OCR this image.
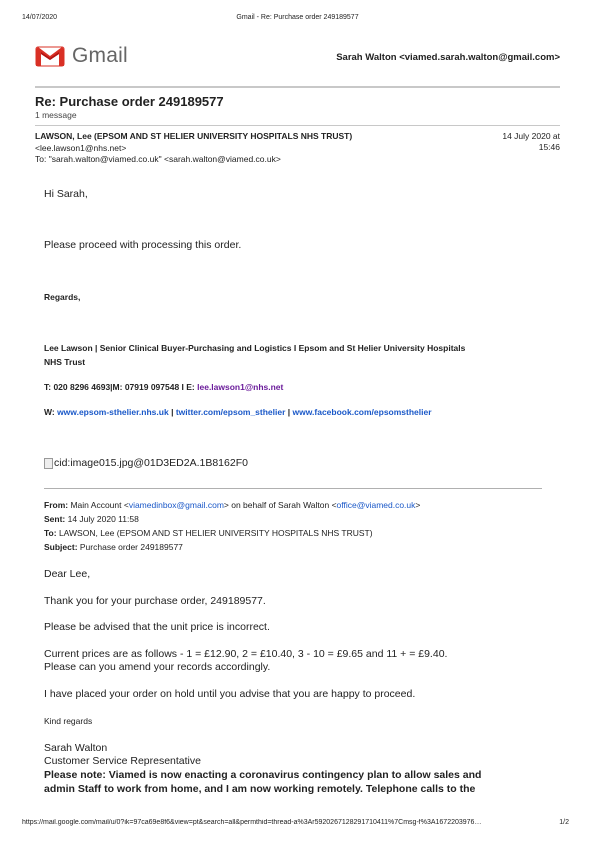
14/07/2020	Gmail - Re: Purchase order 249189577
Gmail	Sarah Walton <viamed.sarah.walton@gmail.com>
Re: Purchase order 249189577
1 message
LAWSON, Lee (EPSOM AND ST HELIER UNIVERSITY HOSPITALS NHS TRUST)
<lee.lawson1@nhs.net>
To: "sarah.walton@viamed.co.uk" <sarah.walton@viamed.co.uk>
14 July 2020 at
15:46
Hi Sarah,
Please proceed with processing this order.
Regards,
Lee Lawson | Senior Clinical Buyer-Purchasing and Logistics I Epsom and St Helier University Hospitals
NHS Trust
T: 020 8296 4693|M: 07919 097548 I E: lee.lawson1@nhs.net
W: www.epsom-sthelier.nhs.uk | twitter.com/epsom_sthelier | www.facebook.com/epsomsthelier
cid:image015.jpg@01D3ED2A.1B8162F0
From: Main Account <viamedinbox@gmail.com> on behalf of Sarah Walton <office@viamed.co.uk>
Sent: 14 July 2020 11:58
To: LAWSON, Lee (EPSOM AND ST HELIER UNIVERSITY HOSPITALS NHS TRUST)
Subject: Purchase order 249189577
Dear Lee,
Thank you for your purchase order, 249189577.
Please be advised that the unit price is incorrect.
Current prices are as follows - 1 = £12.90, 2 = £10.40, 3 - 10 = £9.65 and 11 + = £9.40.
Please can you amend your records accordingly.
I have placed your order on hold until you advise that you are happy to proceed.
Kind regards
Sarah Walton
Customer Service Representative
Please note: Viamed is now enacting a coronavirus contingency plan to allow sales and
admin Staff to work from home, and I am now working remotely. Telephone calls to the
https://mail.google.com/mail/u/0?ik=97ca69e8f6&view=pt&search=all&permthid=thread-a%3Ar5920267128291710411%7Cmsg-f%3A1672203976…	1/2
